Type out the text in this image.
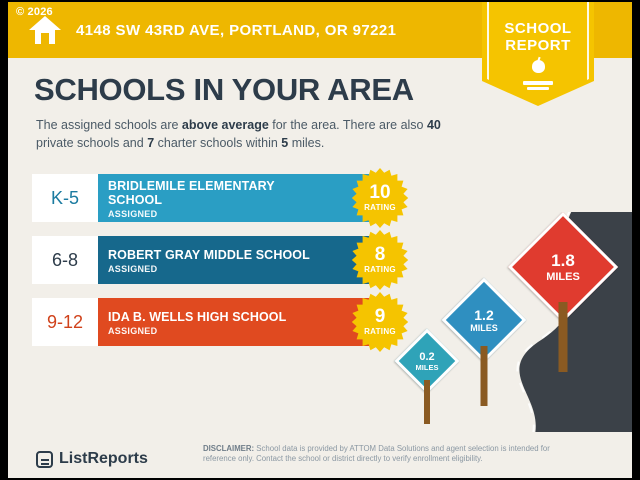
4148 SW 43RD AVE, PORTLAND, OR 97221
© 2026
SCHOOL
REPORT
SCHOOLS IN YOUR AREA
The assigned schools are above average for the area. There are also 40 private schools and 7 charter schools within 5 miles.
K-5
BRIDLEMILE ELEMENTARY SCHOOL
ASSIGNED
10
RATING
6-8	ROBERT GRAY MIDDLE SCHOOL
ASSIGNED
8
RATING
9-12	IDA B. WELLS HIGH SCHOOL
ASSIGNED
9
RATING
1.8
MILES
1.2
MILES
0.2
MILES
ListReports
DISCLAIMER: School data is provided by ATTOM Data Solutions and agent selection is intended for reference only. Contact the school or district directly to verify enrollment eligibility.
